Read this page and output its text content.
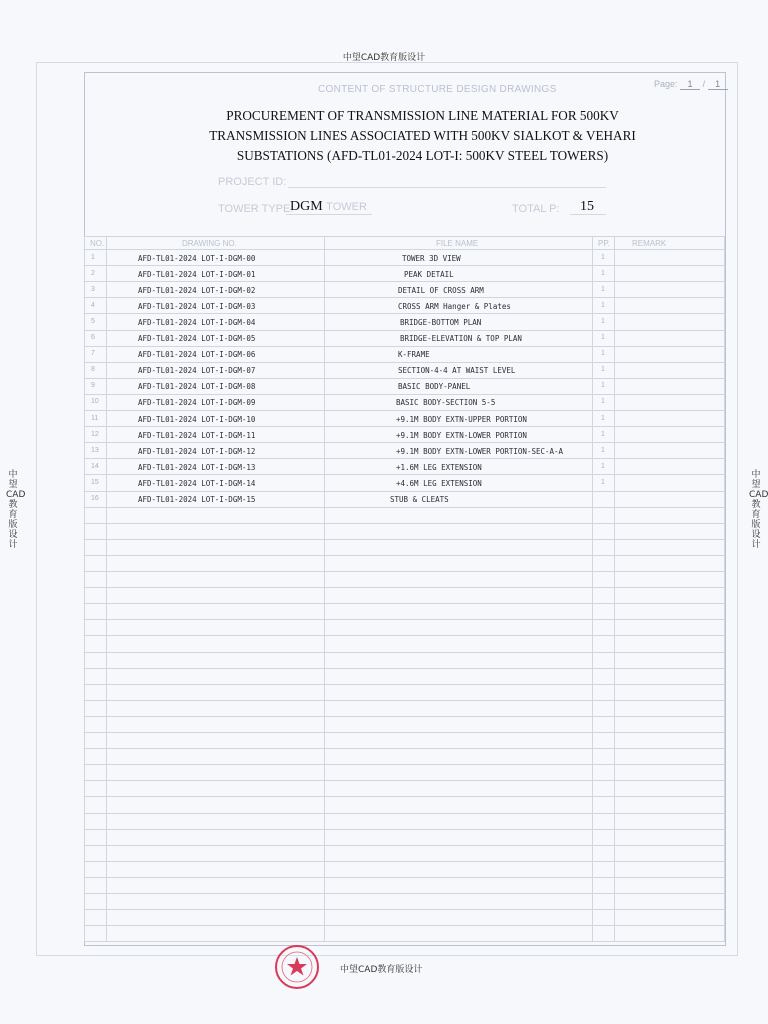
中望CAD教育版设计
中望CAD教育版设计
中望CAD教育版设计
CONTENT OF STRUCTURE DESIGN DRAWINGS	Page: 1 / 1
PROCUREMENT OF TRANSMISSION LINE MATERIAL FOR 500KV
TRANSMISSION LINES ASSOCIATED WITH 500KV SIALKOT & VEHARI
SUBSTATIONS (AFD-TL01-2024 LOT-I: 500KV STEEL TOWERS)
PROJECT ID:
TOWER TYPE:
DGM TOWER	TOTAL P: 15
NO.	DRAWING NO.	FILE NAME	PP.	REMARK
1	AFD-TL01-2024 LOT-I-DGM-00	TOWER 3D VIEW	1
2	AFD-TL01-2024 LOT-I-DGM-01	PEAK DETAIL	1
3	AFD-TL01-2024 LOT-I-DGM-02	DETAIL OF CROSS ARM	1
4	AFD-TL01-2024 LOT-I-DGM-03	CROSS ARM Hanger & Plates	1
5	AFD-TL01-2024 LOT-I-DGM-04	BRIDGE-BOTTOM PLAN	1
6	AFD-TL01-2024 LOT-I-DGM-05	BRIDGE-ELEVATION & TOP PLAN	1
7	AFD-TL01-2024 LOT-I-DGM-06	K-FRAME	1
8	AFD-TL01-2024 LOT-I-DGM-07	SECTION-4-4 AT WAIST LEVEL	1
9	AFD-TL01-2024 LOT-I-DGM-08	BASIC BODY-PANEL	1
10	AFD-TL01-2024 LOT-I-DGM-09	BASIC BODY-SECTION 5-5	1
11	AFD-TL01-2024 LOT-I-DGM-10	+9.1M BODY EXTN-UPPER PORTION	1
12	AFD-TL01-2024 LOT-I-DGM-11	+9.1M BODY EXTN-LOWER PORTION	1
13	AFD-TL01-2024 LOT-I-DGM-12	+9.1M BODY EXTN-LOWER PORTION-SEC-A-A	1
14	AFD-TL01-2024 LOT-I-DGM-13	+1.6M LEG EXTENSION	1
15	AFD-TL01-2024 LOT-I-DGM-14	+4.6M LEG EXTENSION	1
16	AFD-TL01-2024 LOT-I-DGM-15	STUB & CLEATS
中望CAD教育版设计
